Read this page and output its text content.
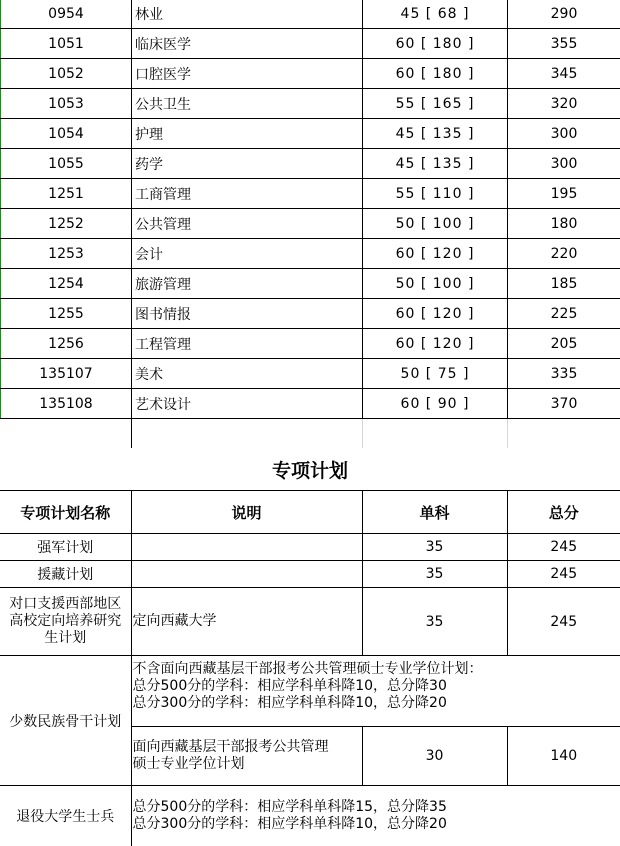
0954	林业	45 [ 68 ]	290
1051	临床医学	60 [ 180 ]	355
1052	口腔医学	60 [ 180 ]	345
1053	公共卫生	55 [ 165 ]	320
1054	护理	45 [ 135 ]	300
1055	药学	45 [ 135 ]	300
1251	工商管理	55 [ 110 ]	195
1252	公共管理	50 [ 100 ]	180
1253	会计	60 [ 120 ]	220
1254	旅游管理	50 [ 100 ]	185
1255	图书情报	60 [ 120 ]	225
1256	工程管理	60 [ 120 ]	205
135107	美术	50 [ 75 ]	335
135108	艺术设计	60 [ 90 ]	370

专项计划
专项计划名称	说明	单科	总分
强军计划		35	245
援藏计划		35	245

对口支援西部地区
高校定向培养研究
生计划	定向西藏大学	35	245
少数民族骨干计划	不含面向西藏基层干部报考公共管理硕士专业学位计划：
总分500分的学科：相应学科单科降10，总分降30
总分300分的学科：相应学科单科降10，总分降20		

	面向西藏基层干部报考公共管理
硕士专业学位计划	30	140
退役大学生士兵	总分500分的学科：相应学科单科降15，总分降35
总分300分的学科：相应学科单科降10，总分降20		
